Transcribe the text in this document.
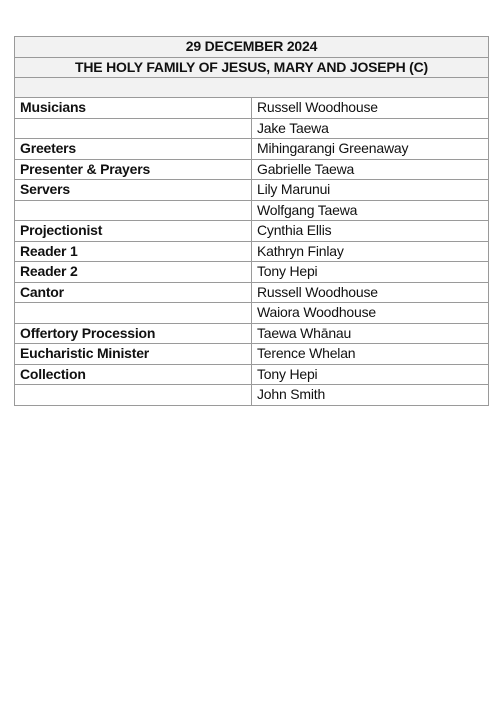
29 DECEMBER 2024	
THE HOLY FAMILY OF JESUS, MARY AND JOSEPH (C)	

Musicians	Russell Woodhouse
	Jake Taewa
Greeters	Mihingarangi Greenaway
Presenter & Prayers	Gabrielle Taewa
Servers	Lily Marunui
	Wolfgang Taewa
Projectionist	Cynthia Ellis
Reader 1	Kathryn Finlay
Reader 2	Tony Hepi
Cantor	Russell Woodhouse
	Waiora Woodhouse
Offertory Procession	Taewa Whānau
Eucharistic Minister	Terence Whelan
Collection	Tony Hepi
	John Smith
